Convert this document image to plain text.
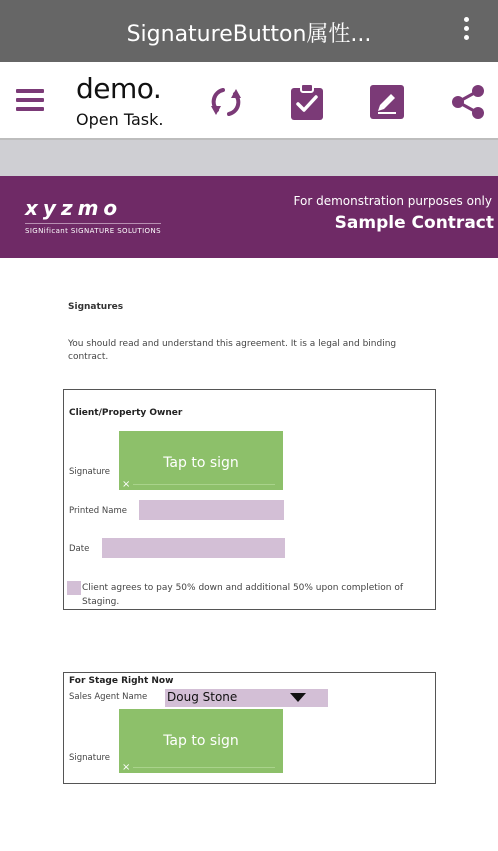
SignatureButton属性...
demo.
Open Task.
xyzmo
SIGNificant SIGNATURE SOLUTIONS
For demonstration purposes only
Sample Contract
Signatures
You should read and understand this agreement. It is a legal and binding contract.
Client/Property Owner
Signature
Tap to sign
×
Printed Name
Date
Client agrees to pay 50% down and additional 50% upon completion of Staging.
For Stage Right Now
Sales Agent Name Doug Stone
Signature
Tap to sign
×
